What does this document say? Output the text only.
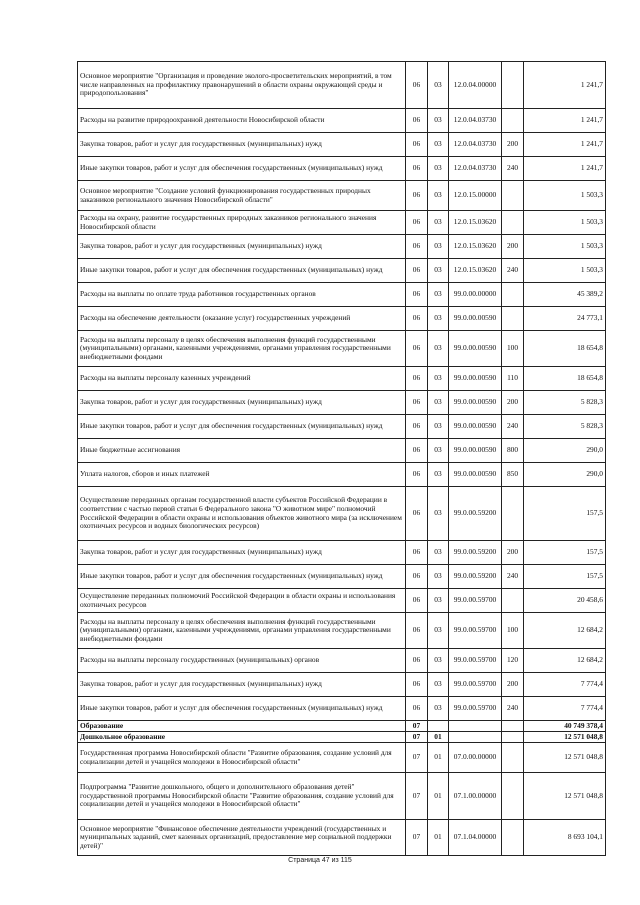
Основное мероприятие "Организация и проведение эколого-просветительских мероприятий, в том числе направленных на профилактику правонарушений в области охраны окружающей среды и природопользования"	06	03	12.0.04.00000		1 241,7
Расходы на развитие природоохранной деятельности Новосибирской области	06	03	12.0.04.03730		1 241,7
Закупка товаров, работ и услуг для государственных (муниципальных) нужд	06	03	12.0.04.03730	200	1 241,7
Иные закупки товаров, работ и услуг для обеспечения государственных (муниципальных) нужд	06	03	12.0.04.03730	240	1 241,7
Основное мероприятие "Создание условий функционирования государственных природных заказников регионального значения Новосибирской области"	06	03	12.0.15.00000		1 503,3
Расходы на охрану, развитие государственных природных заказников регионального значения Новосибирской области	06	03	12.0.15.03620		1 503,3
Закупка товаров, работ и услуг для государственных (муниципальных) нужд	06	03	12.0.15.03620	200	1 503,3
Иные закупки товаров, работ и услуг для обеспечения государственных (муниципальных) нужд	06	03	12.0.15.03620	240	1 503,3
Расходы на выплаты по оплате труда работников государственных органов	06	03	99.0.00.00000		45 389,2
Расходы на обеспечение деятельности (оказание услуг) государственных учреждений	06	03	99.0.00.00590		24 773,1
Расходы на выплаты персоналу в целях обеспечения выполнения функций государственными (муниципальными) органами, казенными учреждениями, органами управления государственными внебюджетными фондами	06	03	99.0.00.00590	100	18 654,8
Расходы на выплаты персоналу казенных учреждений	06	03	99.0.00.00590	110	18 654,8
Закупка товаров, работ и услуг для государственных (муниципальных) нужд	06	03	99.0.00.00590	200	5 828,3
Иные закупки товаров, работ и услуг для обеспечения государственных (муниципальных) нужд	06	03	99.0.00.00590	240	5 828,3
Иные бюджетные ассигнования	06	03	99.0.00.00590	800	290,0
Уплата налогов, сборов и иных платежей	06	03	99.0.00.00590	850	290,0
Осуществление переданных органам государственной власти субъектов Российской Федерации в соответствии с частью первой статьи 6 Федерального закона "О животном мире" полномочий Российской Федерации в области охраны и использования объектов животного мира (за исключением охотничьих ресурсов и водных биологических ресурсов)	06	03	99.0.00.59200		157,5
Закупка товаров, работ и услуг для государственных (муниципальных) нужд	06	03	99.0.00.59200	200	157,5
Иные закупки товаров, работ и услуг для обеспечения государственных (муниципальных) нужд	06	03	99.0.00.59200	240	157,5
Осуществление переданных полномочий Российской Федерации в области охраны и использования охотничьих ресурсов	06	03	99.0.00.59700		20 458,6
Расходы на выплаты персоналу в целях обеспечения выполнения функций государственными (муниципальными) органами, казенными учреждениями, органами управления государственными внебюджетными фондами	06	03	99.0.00.59700	100	12 684,2
Расходы на выплаты персоналу государственных (муниципальных) органов	06	03	99.0.00.59700	120	12 684,2
Закупка товаров, работ и услуг для государственных (муниципальных) нужд	06	03	99.0.00.59700	200	7 774,4
Иные закупки товаров, работ и услуг для обеспечения государственных (муниципальных) нужд	06	03	99.0.00.59700	240	7 774,4
Образование	07				40 749 378,4
Дошкольное образование	07	01			12 571 048,8
Государственная программа Новосибирской области "Развитие образования, создание условий для социализации детей и учащейся молодежи в Новосибирской области"	07	01	07.0.00.00000		12 571 048,8
Подпрограмма "Развитие дошкольного, общего и дополнительного образования детей" государственной программы Новосибирской области "Развитие образования, создание условий для социализации детей и учащейся молодежи в Новосибирской области"	07	01	07.1.00.00000		12 571 048,8
Основное мероприятие "Финансовое обеспечение деятельности учреждений (государственных и муниципальных заданий, смет казенных организаций, предоставление мер социальной поддержки детей)"	07	01	07.1.04.00000		8 693 104,1
Страница 47 из 115
